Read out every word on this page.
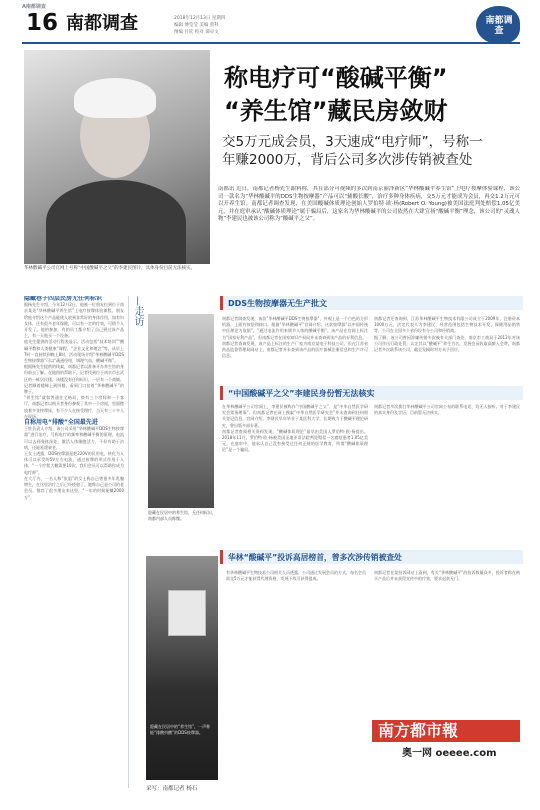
A南都调查
16 南都调查	2018年12月13日 星期四
编辑 傅莹莹 美编 曾科
图编 甘钦 校对 谭卓文
南都调查
称电疗可“酸碱平衡”
“养生馆”藏民房敛财
交5万元成会员，3天速成“电疗师”，号称一
年赚2000万，背后公司多次涉传销被查处
华林酸碱平公司官网上号称“中国酸碱平之父”的李建民图片，具体身份目前无法核实。
南都讯 近日，南都记者杨先生跟料称，其在部分可视频的多次到南京丽泽新区“华林酸碱平养生馆”上电疗按摩体验课程，该公司一款名为“华林酸碱平的DDS生物按摩器”产品可以“辅酸长酸”，治疗多种身体疾病，交5万元才能成为会员，再交1.2万元可以开养生馆。南都记者调查发现，在美国酸碱体质理论创始人罗伯特·欧·杨(Robert O. Young)被美国法庭判处赔偿1.05亿美元，并在庭审承认“酸碱体质理论”属于骗局后，这家名为华林酸碱平的公司依然在大肆宣扬“酸碱平衡”理念，该公司的“灵魂人物”李建民也被该公司称为“酸碱平之父”。
隐藏巷子四层民房无任何标识
据杨先生介绍，今年12月2日，他被一位朋友拉到位于南京某处“华林酸碱平养生馆”上电疗按摩体验课程，朋友给他介绍这个产品能使人收到非常好的身体作用，如有妇女体，还有很多老年保健，可以有一定的疗效，可惜个人开发了。他的参加，有的员工都介绍了自己到过该产品上，有一天他买一个设备。
他先生提供的活动行程表显示，活动包括“技术培训”“酸碱平教和人类健康”课程，“企业文化和理念”等，从早上7时一直持续到晚上8时，活动现场介绍“华林酸碱平DDS生物按摩器”可以“疏通经络，调理气血，酸碱平衡”。
根据杨先生提供的线索，南都记者以准备开办养生馆的身份前去了解。在地图的帮助下，记者找到位于南京市玄武区的一栋居民楼，该楼没有任何标识，一层有一个商铺。记者顺着楼梯上到四楼，看到门口挂着“华林酸碱平”的牌子。
“养生馆”就如普通住宅格局，换有三个房间和一个客厅，南都记者以购买者身份参观了其中一个房间，里面摆放着多张按摩床，有不少人在接受理疗，当天有三十多人在现场。
自称用电“排酸”全国最先进
王姓负责人介绍，该公司采用“华林酸碱平DDS生物按摩器”进行治疗，号称电疗的频率和酸碱平衡的原理，电流可以去到身体深处，激活人体细胞活力，不但有助于治病，还能延缓衰老。
王女士透露，DDS按摩器是把220V的民用电，转化为人体可以承受的5V左右电流，通过按摩的形式作用于人体，“一个疗程大概需要10次，我们会员可以帮助你成为电疗师”。
在大厅内，一名人称“张姐”的女士称自己曾患多年乳腺增生，在这里治疗之后已经痊愈了。她称自己是公司的老会员，推荐了很多朋友来这里，“一年的时候能赚2000万”。
—走访	DDS生物按摩器无生产批文
南都记者调查发现，该款“华林酸碱平DDS生物按摩器”，外观上是一个白色的方形机器，上面有按钮和接口。根据“华林酸碱平”官网介绍，这款按摩器“以中国传统中医理论为依据”，“通过电流作用来调节人体的酸碱平衡”。该产品在官网上标注为“国家专利产品”，但南都记者在国家知识产权局并未查询到该产品的专利信息。
南都记者查询发现，该产品上标注的生产厂家为南京某电子科技公司，但在江苏省药品监督管理局网站上，南都记者并未查到该产品的医疗器械注册信息和生产许可信息。
南都记者还查询到，江苏华林酸碱平生物技术有限公司成立于2009年，注册资本1000万元，法定代表人为李建民，经营范围包括生物技术开发、保健用品销售等，公司在全国多个省份设有分公司和经销商。
据了解，该公司曾因涉嫌传销多次被有关部门查处，南京市工商局于2012年对该公司作出行政处罚，认定其以“酸碱平”养生为名，发展会员收取高额入会费。南都记者多次联系该公司，截至发稿时对方未予回应。
隐藏在民居中的养生馆，无任何标识，南都内部人员称微。
“中国酸碱平之父”李建民身份暂无法核实
在华林酸碱平公司官网上，李建民被称作“中国酸碱平之父”，是“中华自然医学研究会常务理事”，但南都记者在网上搜索“中华自然医学研究会”并未查询到任何相关登记信息。官网介绍，李建民早年毕业于某医科大学，长期致力于酸碱平理论研究，曾出版多部专著。
南都记者查阅相关资料发现，“酸碱体质理论”最早由美国人罗伯特·欧·杨提出。2018年11月，罗伯特·欧·杨被美国圣地亚哥法院判处赔偿一名癌症患者1.05亿美元。在庭审中，他承认自己没有接受过任何正规的医学教育，所谓“酸碱体质理论”是一个骗局。
南都记者多次拨打华林酸碱平公司官网公布的联系电话，均无人接听。对于李建民的真实身份及学历，目前暂无法核实。
华林“酸碱平”投诉高居榜首，曾多次涉传销被查处
隐藏在民居中的“养生馆”，一声称能“排酸抖酸”的DDS按摩器。
有华林酸碱平生物技术公司相关人员透露，公司通过发展会员的方式，每名会员需交5万元才能获得代理资格，发展下线可获得提成。
南都记者在某投诉网站上看到，有关“华林酸碱平”的投诉数量众多，投诉者称在购买产品后并未获得宣传中的疗效，要求退款无门。
采写：南都记者 杨石
南方都市報
奥一网 oeeee.com
